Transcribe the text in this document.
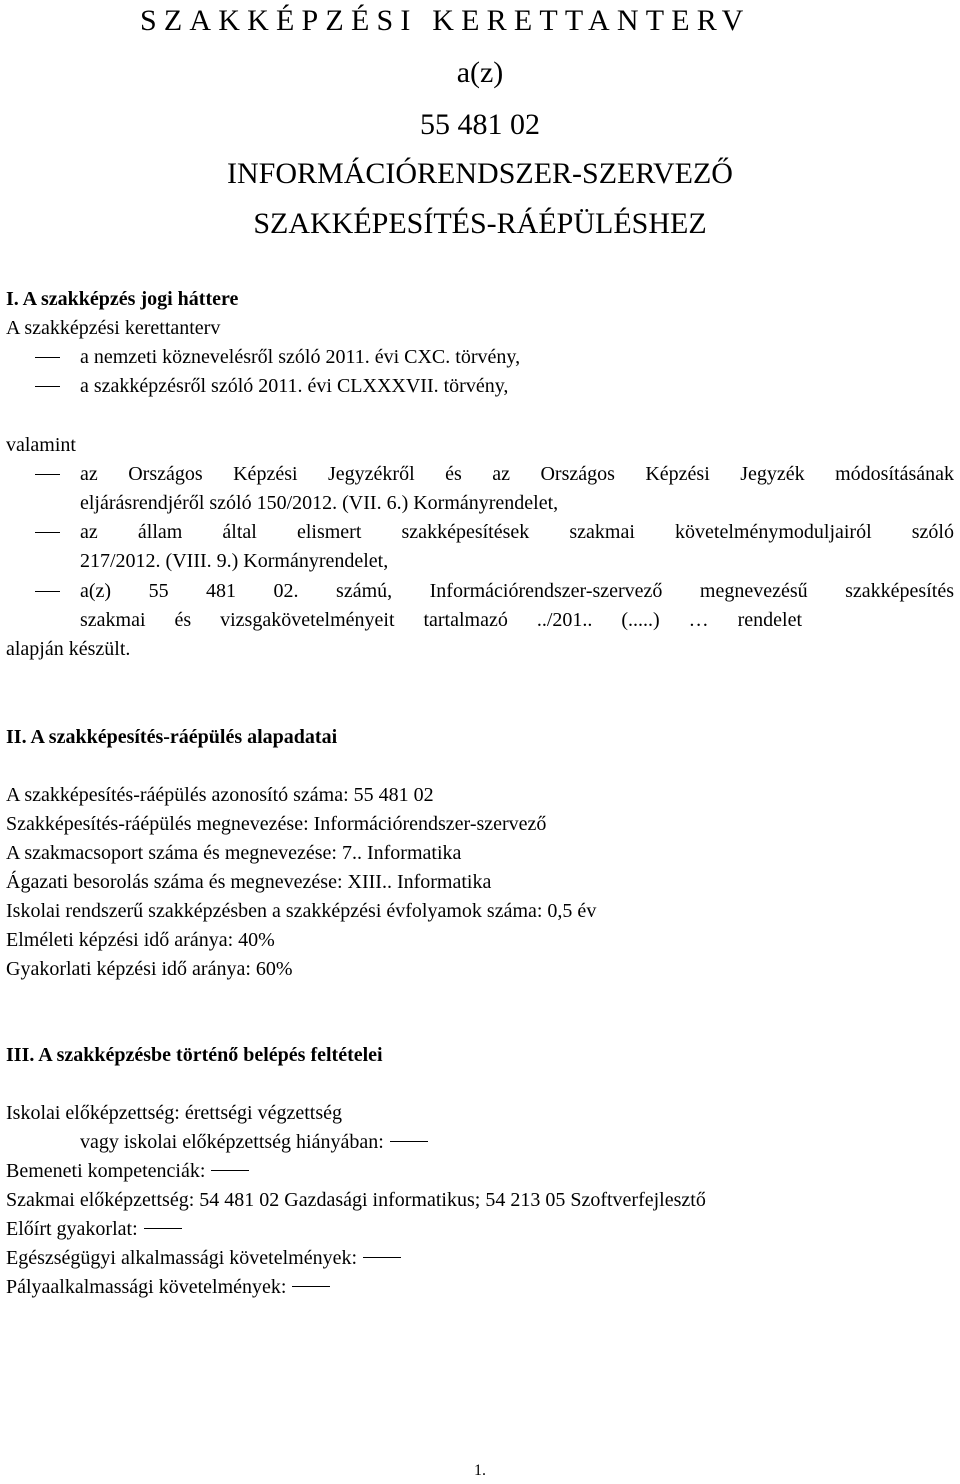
SZAKKÉPZÉSI KERETTANTERV
a(z)
55 481 02
INFORMÁCIÓRENDSZER-SZERVEZŐ
SZAKKÉPESÍTÉS-RÁÉPÜLÉSHEZ
I. A szakképzés jogi háttere
A szakképzési kerettanterv
a nemzeti köznevelésről szóló 2011. évi CXC. törvény,
a szakképzésről szóló 2011. évi CLXXXVII. törvény,
valamint
az Országos Képzési Jegyzékről és az Országos Képzési Jegyzék módosításának
eljárásrendjéről szóló 150/2012. (VII. 6.) Kormányrendelet,
az állam által elismert szakképesítések szakmai követelménymoduljairól szóló
217/2012. (VIII. 9.) Kormányrendelet,
a(z) 55 481 02. számú, Információrendszer-szervező megnevezésű szakképesítés
szakmai és vizsgakövetelményeit tartalmazó ../201.. (.....) … rendelet
alapján készült.
II. A szakképesítés-ráépülés alapadatai
A szakképesítés-ráépülés azonosító száma: 55 481 02
Szakképesítés-ráépülés megnevezése: Információrendszer-szervező
A szakmacsoport száma és megnevezése: 7.. Informatika
Ágazati besorolás száma és megnevezése: XIII.. Informatika
Iskolai rendszerű szakképzésben a szakképzési évfolyamok száma: 0,5 év
Elméleti képzési idő aránya: 40%
Gyakorlati képzési idő aránya: 60%
III. A szakképzésbe történő belépés feltételei
Iskolai előképzettség: érettségi végzettség
vagy iskolai előképzettség hiányában:
Bemeneti kompetenciák:
Szakmai előképzettség: 54 481 02 Gazdasági informatikus; 54 213 05 Szoftverfejlesztő
Előírt gyakorlat:
Egészségügyi alkalmassági követelmények:
Pályaalkalmassági követelmények:
1.
